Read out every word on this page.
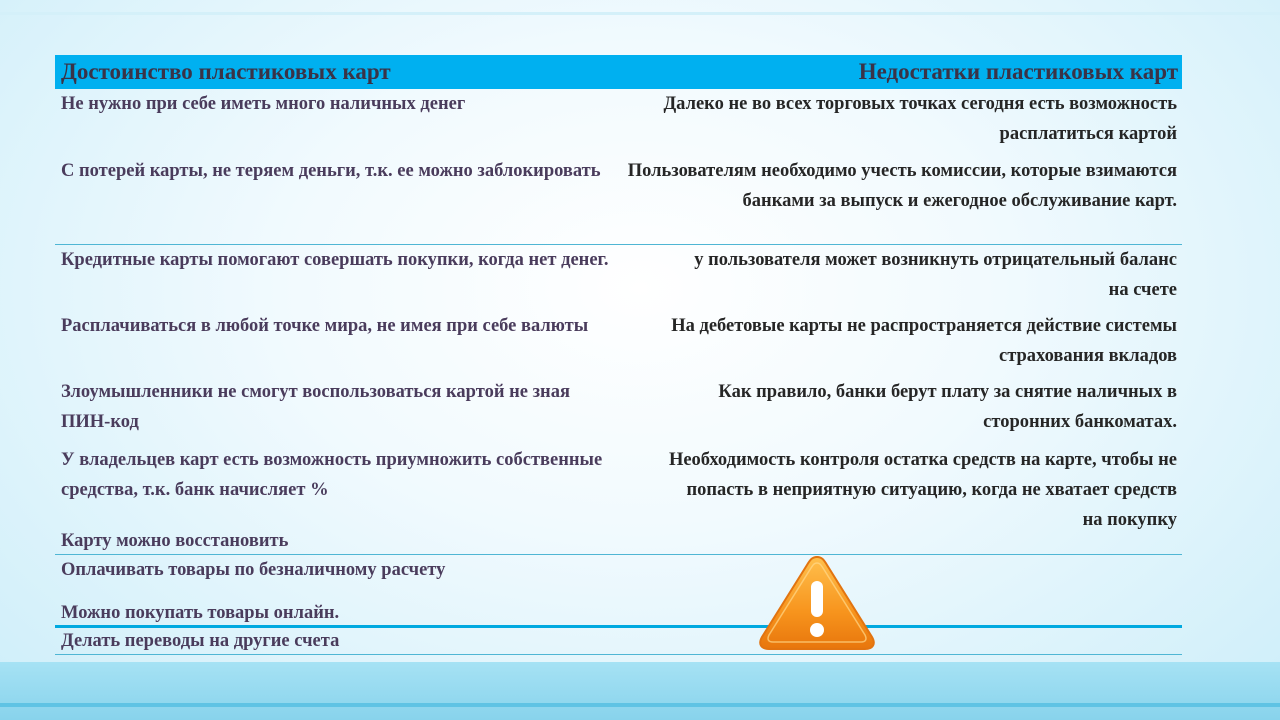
Достоинство пластиковых карт	Недостатки пластиковых карт
Не нужно при себе иметь много наличных денег
С потерей карты, не теряем деньги, т.к. ее можно заблокировать
Кредитные карты помогают совершать покупки, когда нет денег.
Расплачиваться в любой точке мира, не имея при себе валюты
Злоумышленники не смогут воспользоваться картой не зная ПИН-код
У владельцев карт есть возможность приумножить собственные средства, т.к. банк начисляет %
Карту можно восстановить
Оплачивать товары по безналичному расчету
Можно покупать товары онлайн.
Делать переводы на другие счета
Далеко не во всех торговых точках сегодня есть возможность расплатиться картой
Пользователям необходимо учесть комиссии, которые взимаются банками за выпуск и ежегодное обслуживание карт.
у пользователя может возникнуть отрицательный баланс на счете
На дебетовые карты не распространяется действие системы страхования вкладов
Как правило, банки берут плату за снятие наличных в сторонних банкоматах.
Необходимость контроля остатка средств на карте, чтобы не попасть в неприятную ситуацию, когда не хватает средств на покупку
